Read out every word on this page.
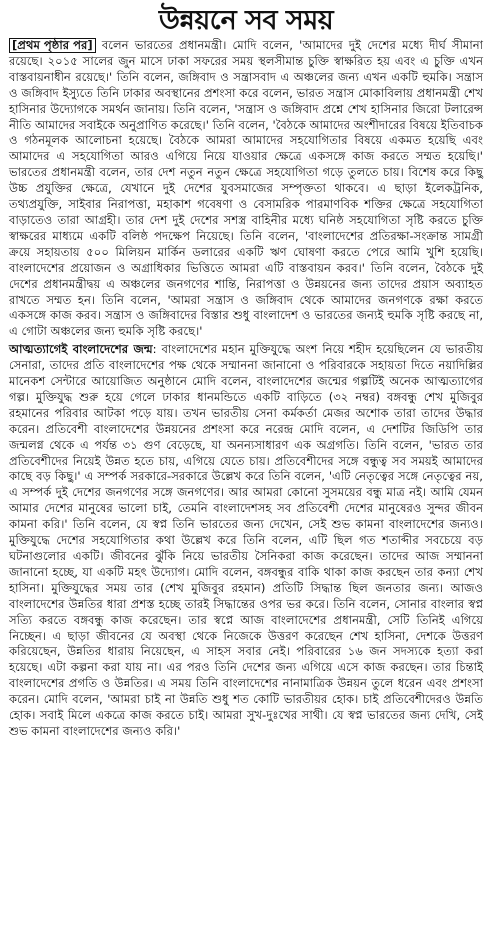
উন্নয়নে সব সময়

[প্রথম পৃষ্ঠার পর] বলেন ভারতের প্রধানমন্ত্রী। মোদি বলেন, 'আমাদের দুই দেশের মধ্যে দীর্ঘ সীমানা রয়েছে। ২০১৫ সালের জুন মাসে ঢাকা সফরের সময় স্থলসীমান্ত চুক্তি স্বাক্ষরিত হয় এবং এ চুক্তি এখন বাস্তবায়নাধীন রয়েছে।' তিনি বলেন, জঙ্গিবাদ ও সন্ত্রাসবাদ এ অঞ্চলের জন্য এখন একটি হুমকি। সন্ত্রাস ও জঙ্গিবাদ ইস্যুতে তিনি ঢাকার অবস্থানের প্রশংসা করে বলেন, ভারত সন্ত্রাস মোকাবিলায় প্রধানমন্ত্রী শেখ হাসিনার উদ্যোগকে সমর্থন জানায়। তিনি বলেন, 'সন্ত্রাস ও জঙ্গিবাদ প্রশ্নে শেখ হাসিনার জিরো টলারেন্স নীতি আমাদের সবাইকে অনুপ্রাণিত করেছে।' তিনি বলেন, 'বৈঠকে আমাদের অংশীদারের বিষয়ে ইতিবাচক ও গঠনমূলক আলোচনা হয়েছে। বৈঠকে আমরা আমাদের সহযোগিতার বিষয়ে একমত হয়েছি এবং আমাদের এ সহযোগিতা আরও এগিয়ে নিয়ে যাওয়ার ক্ষেত্রে একসঙ্গে কাজ করতে সম্মত হয়েছি।' ভারতের প্রধানমন্ত্রী বলেন, তার দেশ নতুন নতুন ক্ষেত্রে সহযোগিতা গড়ে তুলতে চায়। বিশেষ করে কিছু উচ্চ প্রযুক্তির ক্ষেত্রে, যেখানে দুই দেশের যুবসমাজের সম্পৃক্ততা থাকবে। এ ছাড়া ইলেকট্রনিক, তথ্যপ্রযুক্তি, সাইবার নিরাপত্তা, মহাকাশ গবেষণা ও বেসামরিক পারমাণবিক শক্তির ক্ষেত্রে সহযোগিতা বাড়াতেও তারা আগ্রহী। তার দেশ দুই দেশের সশস্ত্র বাহিনীর মধ্যে ঘনিষ্ঠ সহযোগিতা সৃষ্টি করতে চুক্তি স্বাক্ষরের মাধ্যমে একটি বলিষ্ঠ পদক্ষেপ নিয়েছে। তিনি বলেন, 'বাংলাদেশের প্রতিরক্ষা-সংক্রান্ত সামগ্রী ক্রয়ে সহায়তায় ৫০০ মিলিয়ন মার্কিন ডলারের একটি ঋণ ঘোষণা করতে পেরে আমি খুশি হয়েছি। বাংলাদেশের প্রয়োজন ও অগ্রাধিকার ভিত্তিতে আমরা এটি বাস্তবায়ন করব।' তিনি বলেন, বৈঠকে দুই দেশের প্রধানমন্ত্রীদ্বয় এ অঞ্চলের জনগণের শান্তি, নিরাপত্তা ও উন্নয়নের জন্য তাদের প্রয়াস অব্যাহত রাখতে সম্মত হন। তিনি বলেন, 'আমরা সন্ত্রাস ও জঙ্গিবাদ থেকে আমাদের জনগণকে রক্ষা করতে একসঙ্গে কাজ করব। সন্ত্রাস ও জঙ্গিবাদের বিস্তার শুধু বাংলাদেশ ও ভারতের জন্যই হুমকি সৃষ্টি করছে না, এ গোটা অঞ্চলের জন্য হুমকি সৃষ্টি করছে।'

আত্মত্যাগেই বাংলাদেশের জন্ম: বাংলাদেশের মহান মুক্তিযুদ্ধে অংশ নিয়ে শহীদ হয়েছিলেন যে ভারতীয় সেনারা, তাদের প্রতি বাংলাদেশের পক্ষ থেকে সম্মাননা জানানো ও পরিবারকে সহায়তা দিতে নয়াদিল্লির মানেকশ সেন্টারে আয়োজিত অনুষ্ঠানে মোদি বলেন, বাংলাদেশের জন্মের গল্পটিই অনেক আত্মত্যাগের গল্প। মুক্তিযুদ্ধ শুরু হয়ে গেলে ঢাকার ধানমন্ডিতে একটি বাড়িতে (৩২ নম্বর) বঙ্গবন্ধু শেখ মুজিবুর রহমানের পরিবার আটকা পড়ে যায়। তখন ভারতীয় সেনা কর্মকর্তা মেজর অশোক তারা তাদের উদ্ধার করেন। প্রতিবেশী বাংলাদেশের উন্নয়নের প্রশংসা করে নরেন্দ্র মোদি বলেন, এ দেশটির জিডিপি তার জন্মলগ্ন থেকে এ পর্যন্ত ৩১ গুণ বেড়েছে, যা অনন্যসাধারণ এক অগ্রগতি। তিনি বলেন, 'ভারত তার প্রতিবেশীদের নিয়েই উন্নত হতে চায়, এগিয়ে যেতে চায়। প্রতিবেশীদের সঙ্গে বন্ধুত্ব সব সময়ই আমাদের কাছে বড় কিছু।' এ সম্পর্ক সরকারে-সরকারে উল্লেখ করে তিনি বলেন, 'এটি নেতৃত্বের সঙ্গে নেতৃত্বের নয়, এ সম্পর্ক দুই দেশের জনগণের সঙ্গে জনগণের। আর আমরা কোনো সুসময়ের বন্ধু মাত্র নই। আমি যেমন আমার দেশের মানুষের ভালো চাই, তেমনি বাংলাদেশসহ সব প্রতিবেশী দেশের মানুষেরও সুন্দর জীবন কামনা করি।' তিনি বলেন, যে স্বপ্ন তিনি ভারতের জন্য দেখেন, সেই শুভ কামনা বাংলাদেশের জন্যও। মুক্তিযুদ্ধে দেশের সহযোগিতার কথা উল্লেখ করে তিনি বলেন, এটি ছিল গত শতাব্দীর সবচেয়ে বড় ঘটনাগুলোর একটি। জীবনের ঝুঁকি নিয়ে ভারতীয় সৈনিকরা কাজ করেছেন। তাদের আজ সম্মাননা জানানো হচ্ছে, যা একটি মহৎ উদ্যোগ। মোদি বলেন, বঙ্গবন্ধুর বাকি থাকা কাজ করছেন তার কন্যা শেখ হাসিনা। মুক্তিযুদ্ধের সময় তার (শেখ মুজিবুর রহমান) প্রতিটি সিদ্ধান্ত ছিল জনতার জন্য। আজও বাংলাদেশের উন্নতির ধারা প্রশস্ত হচ্ছে তারই সিদ্ধান্তের ওপর ভর করে। তিনি বলেন, সোনার বাংলার স্বপ্ন সত্যি করতে বঙ্গবন্ধু কাজ করেছেন। তার স্বপ্নে আজ বাংলাদেশের প্রধানমন্ত্রী, সেটি তিনিই এগিয়ে নিচ্ছেন। এ ছাড়া জীবনের যে অবস্থা থেকে নিজেকে উত্তরণ করেছেন শেখ হাসিনা, দেশকে উত্তরণ করিয়েছেন, উন্নতির ধারায় নিয়েছেন, এ সাহস সবার নেই। পরিবারের ১৬ জন সদস্যকে হত্যা করা হয়েছে। এটা কল্পনা করা যায় না। এর পরও তিনি দেশের জন্য এগিয়ে এসে কাজ করছেন। তার চিন্তাই বাংলাদেশের প্রগতি ও উন্নতির। এ সময় তিনি বাংলাদেশের নানামাত্রিক উন্নয়ন তুলে ধরেন এবং প্রশংসা করেন। মোদি বলেন, 'আমরা চাই না উন্নতি শুধু শত কোটি ভারতীয়র হোক। চাই প্রতিবেশীদেরও উন্নতি হোক। সবাই মিলে একত্রে কাজ করতে চাই। আমরা সুখ-দুঃখের সাথী। যে স্বপ্ন ভারতের জন্য দেখি, সেই শুভ কামনা বাংলাদেশের জন্যও করি।'
